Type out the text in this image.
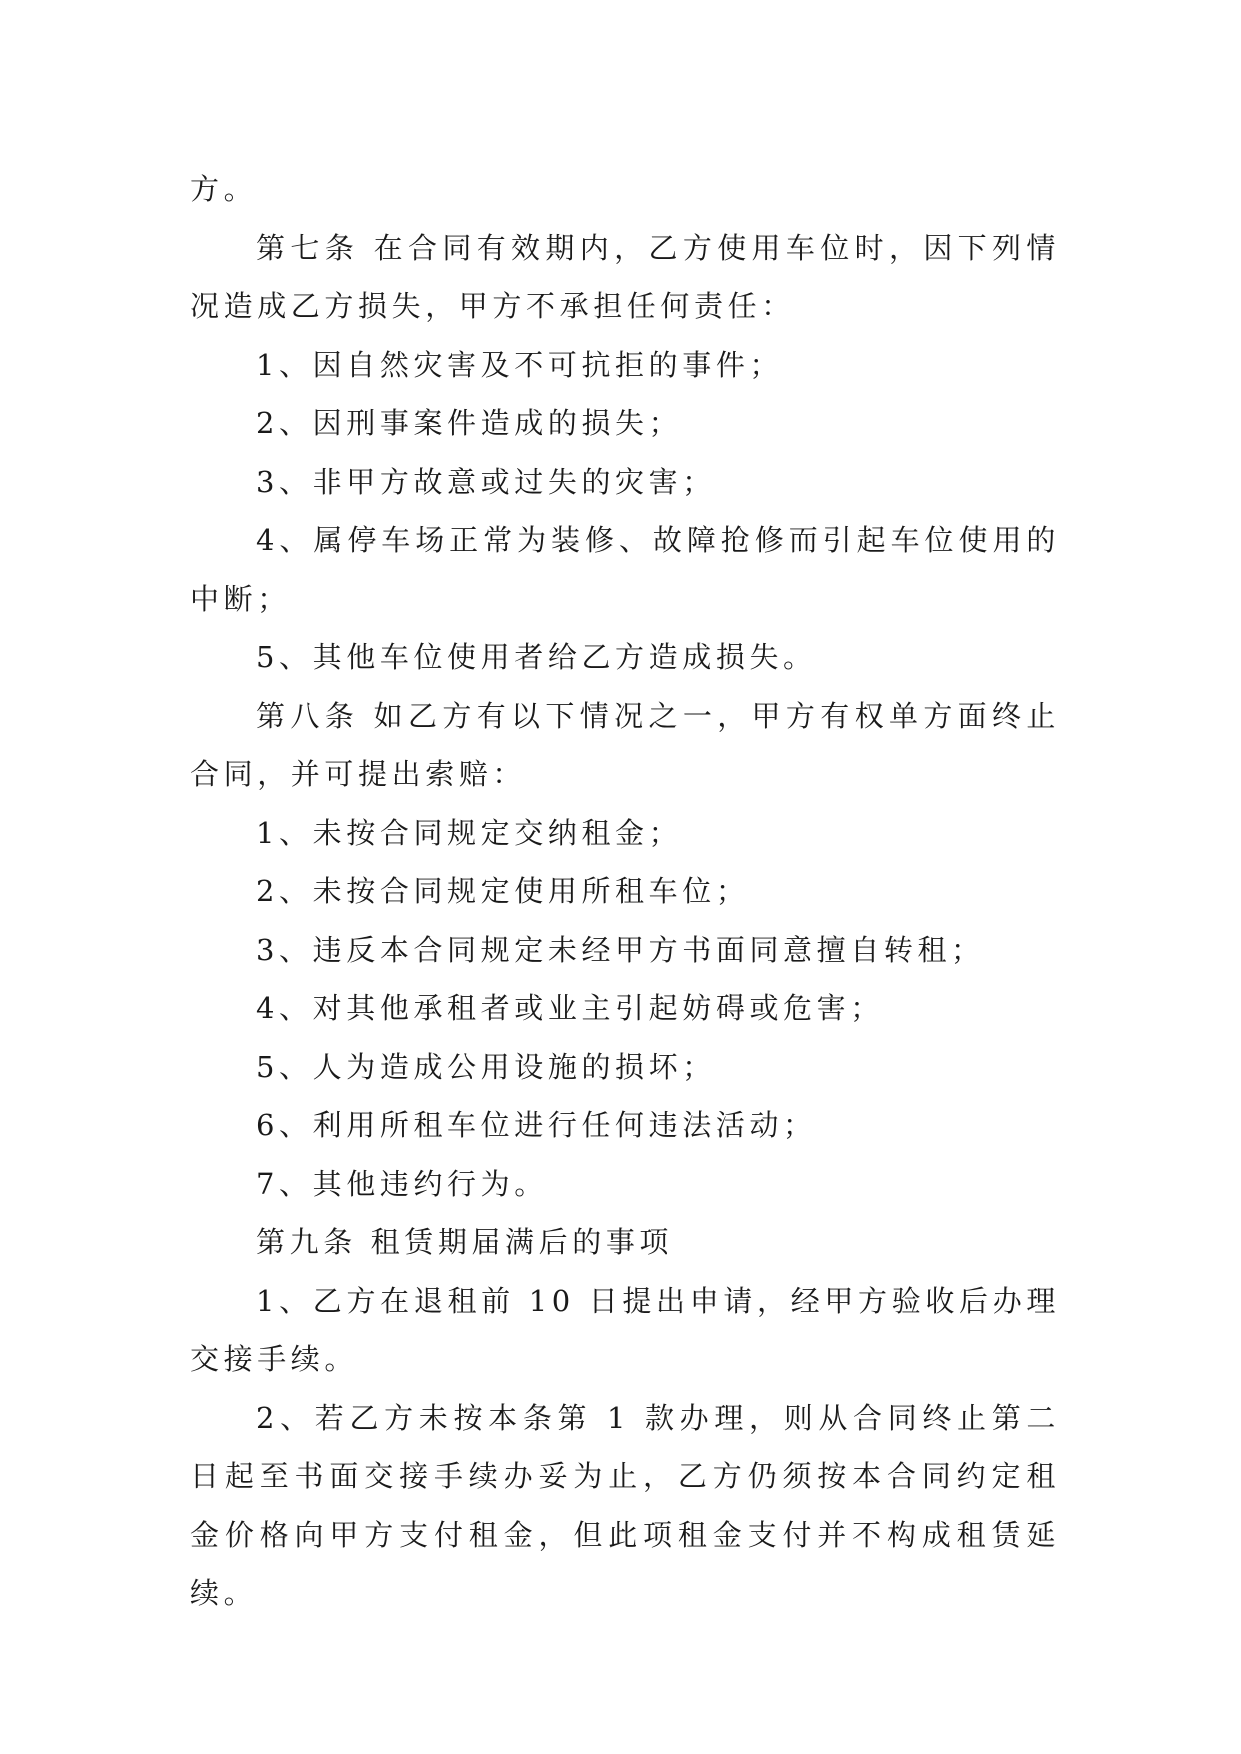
方。

第七条 在合同有效期内，乙方使用车位时，因下列情况造成乙方损失，甲方不承担任何责任：

1、因自然灾害及不可抗拒的事件；

2、因刑事案件造成的损失；

3、非甲方故意或过失的灾害；

4、属停车场正常为装修、故障抢修而引起车位使用的中断；

5、其他车位使用者给乙方造成损失。

第八条 如乙方有以下情况之一，甲方有权单方面终止合同，并可提出索赔：

1、未按合同规定交纳租金；

2、未按合同规定使用所租车位；

3、违反本合同规定未经甲方书面同意擅自转租；

4、对其他承租者或业主引起妨碍或危害；

5、人为造成公用设施的损坏；

6、利用所租车位进行任何违法活动；

7、其他违约行为。

第九条 租赁期届满后的事项

1、乙方在退租前 10 日提出申请，经甲方验收后办理交接手续。

2、若乙方未按本条第 1 款办理，则从合同终止第二日起至书面交接手续办妥为止，乙方仍须按本合同约定租金价格向甲方支付租金，但此项租金支付并不构成租赁延续。
